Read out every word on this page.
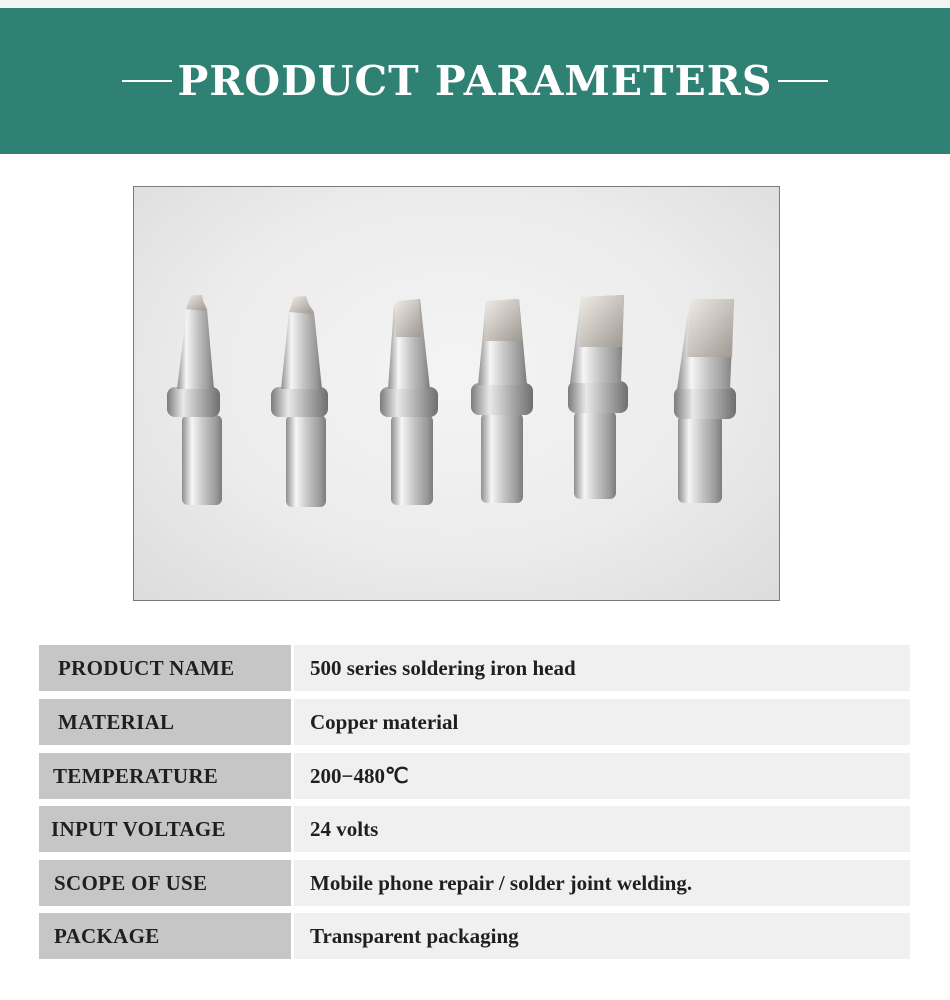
PRODUCT PARAMETERS
PRODUCT NAME	500 series soldering iron head
MATERIAL	Copper material
TEMPERATURE	200−480℃
INPUT VOLTAGE	24 volts
SCOPE OF USE	Mobile phone repair / solder joint welding.
PACKAGE	Transparent packaging
